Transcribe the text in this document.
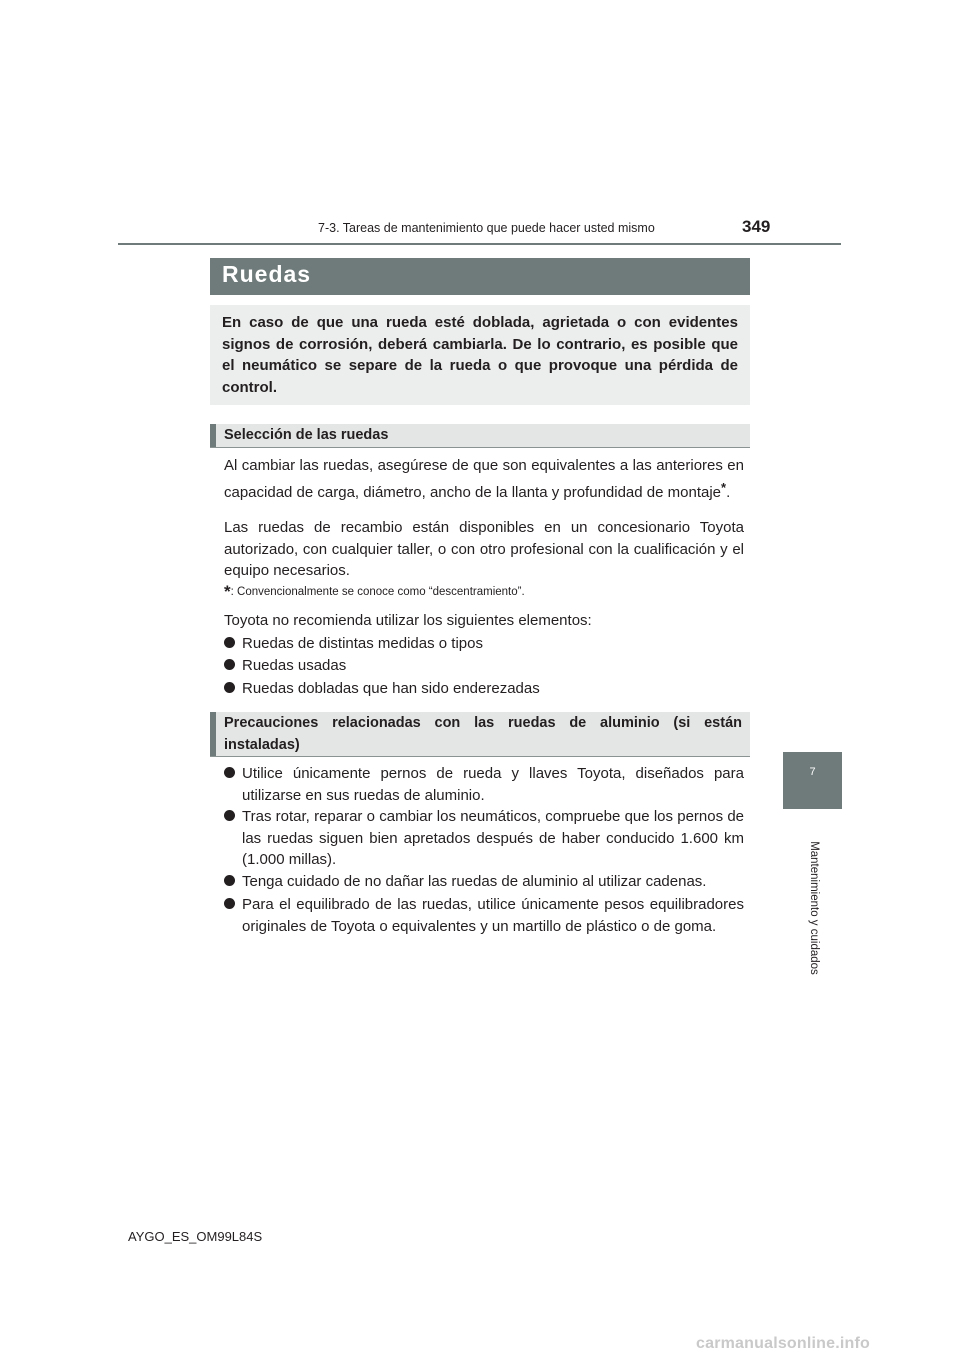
7-3. Tareas de mantenimiento que puede hacer usted mismo	349
7
Mantenimiento y cuidados
Ruedas

En caso de que una rueda esté doblada, agrietada o con evidentes signos de corrosión, deberá cambiarla. De lo contrario, es posible que el neumático se separe de la rueda o que provoque una pérdida de control.

Selección de las ruedas

Al cambiar las ruedas, asegúrese de que son equivalentes a las anteriores en capacidad de carga, diámetro, ancho de la llanta y profundidad de montaje*.

Las ruedas de recambio están disponibles en un concesionario Toyota autorizado, con cualquier taller, o con otro profesional con la cualificación y el equipo necesarios.

*: Convencionalmente se conoce como “descentramiento”.

Toyota no recomienda utilizar los siguientes elementos:

Ruedas de distintas medidas o tipos
Ruedas usadas
Ruedas dobladas que han sido enderezadas
Precauciones relacionadas con las ruedas de aluminio (si están instaladas)
Utilice únicamente pernos de rueda y llaves Toyota, diseñados para utilizarse en sus ruedas de aluminio.
Tras rotar, reparar o cambiar los neumáticos, compruebe que los pernos de las ruedas siguen bien apretados después de haber conducido 1.600 km (1.000 millas).
Tenga cuidado de no dañar las ruedas de aluminio al utilizar cadenas.
Para el equilibrado de las ruedas, utilice únicamente pesos equilibradores originales de Toyota o equivalentes y un martillo de plástico o de goma.
AYGO_ES_OM99L84S
carmanualsonline.info
